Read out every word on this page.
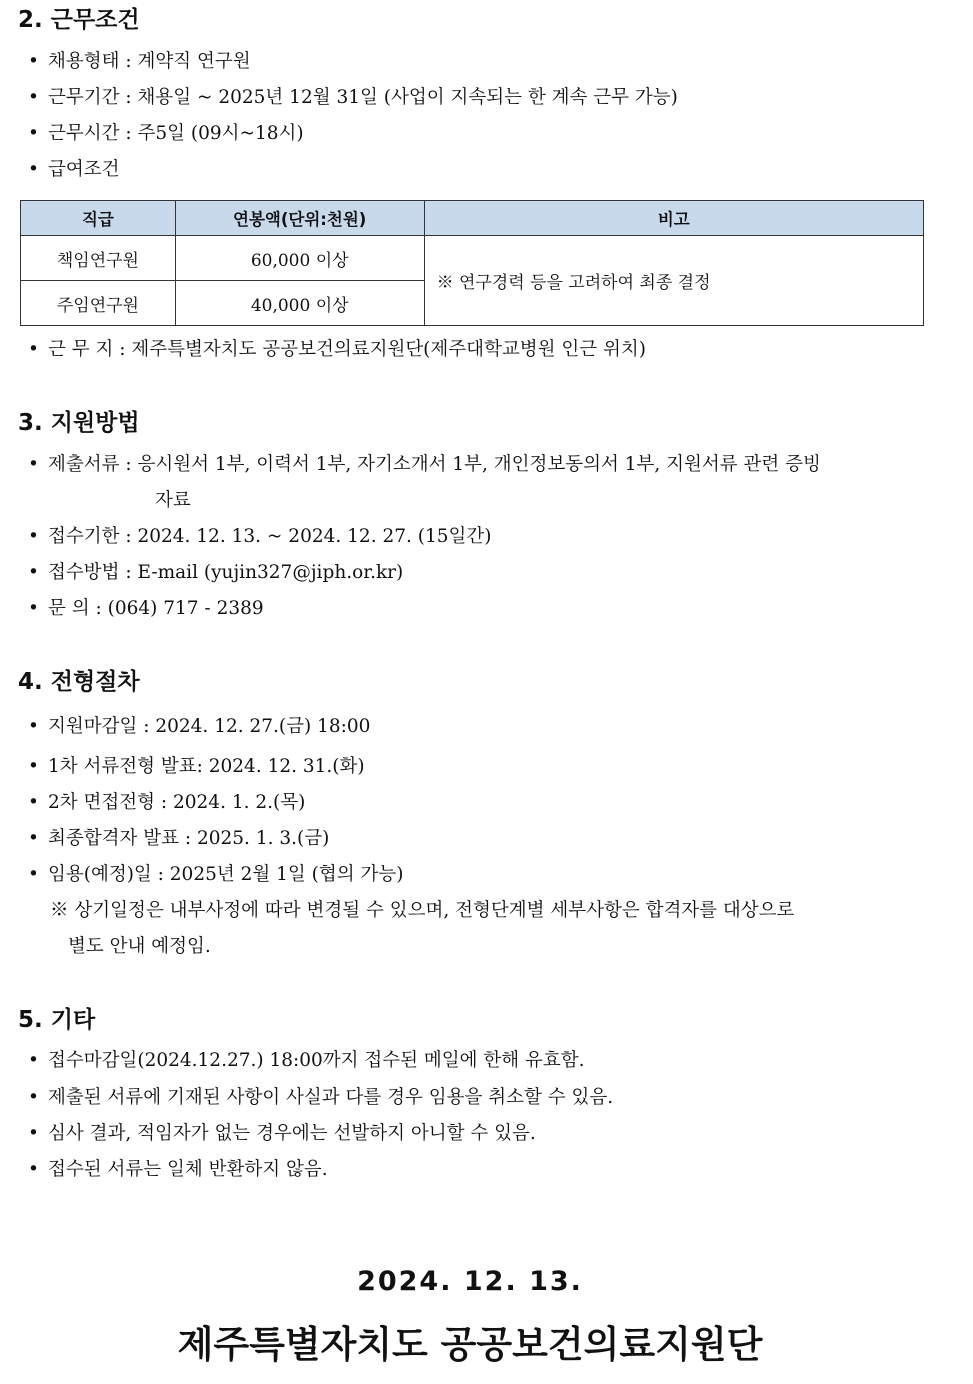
2. 근무조건
• 채용형태 : 계약직 연구원
• 근무기간 : 채용일 ~ 2025년 12월 31일 (사업이 지속되는 한 계속 근무 가능)
• 근무시간 : 주5일 (09시~18시)
• 급여조건
직급	연봉액(단위:천원)	비고
책임연구원	60,000 이상	※ 연구경력 등을 고려하여 최종 결정
주임연구원	40,000 이상	
• 근 무 지 : 제주특별자치도 공공보건의료지원단(제주대학교병원 인근 위치)
3. 지원방법
• 제출서류 : 응시원서 1부, 이력서 1부, 자기소개서 1부, 개인정보동의서 1부, 지원서류 관련 증빙
자료
• 접수기한 : 2024. 12. 13. ~ 2024. 12. 27. (15일간)
• 접수방법 : E-mail (yujin327@jiph.or.kr)
• 문 의 : (064) 717 - 2389
4. 전형절차
• 지원마감일 : 2024. 12. 27.(금) 18:00
• 1차 서류전형 발표: 2024. 12. 31.(화)
• 2차 면접전형 : 2024. 1. 2.(목)
• 최종합격자 발표 : 2025. 1. 3.(금)
• 임용(예정)일 : 2025년 2월 1일 (협의 가능)
※ 상기일정은 내부사정에 따라 변경될 수 있으며, 전형단계별 세부사항은 합격자를 대상으로
별도 안내 예정임.
5. 기타
• 접수마감일(2024.12.27.) 18:00까지 접수된 메일에 한해 유효함.
• 제출된 서류에 기재된 사항이 사실과 다를 경우 임용을 취소할 수 있음.
• 심사 결과, 적임자가 없는 경우에는 선발하지 아니할 수 있음.
• 접수된 서류는 일체 반환하지 않음.
2024. 12. 13.
제주특별자치도 공공보건의료지원단
